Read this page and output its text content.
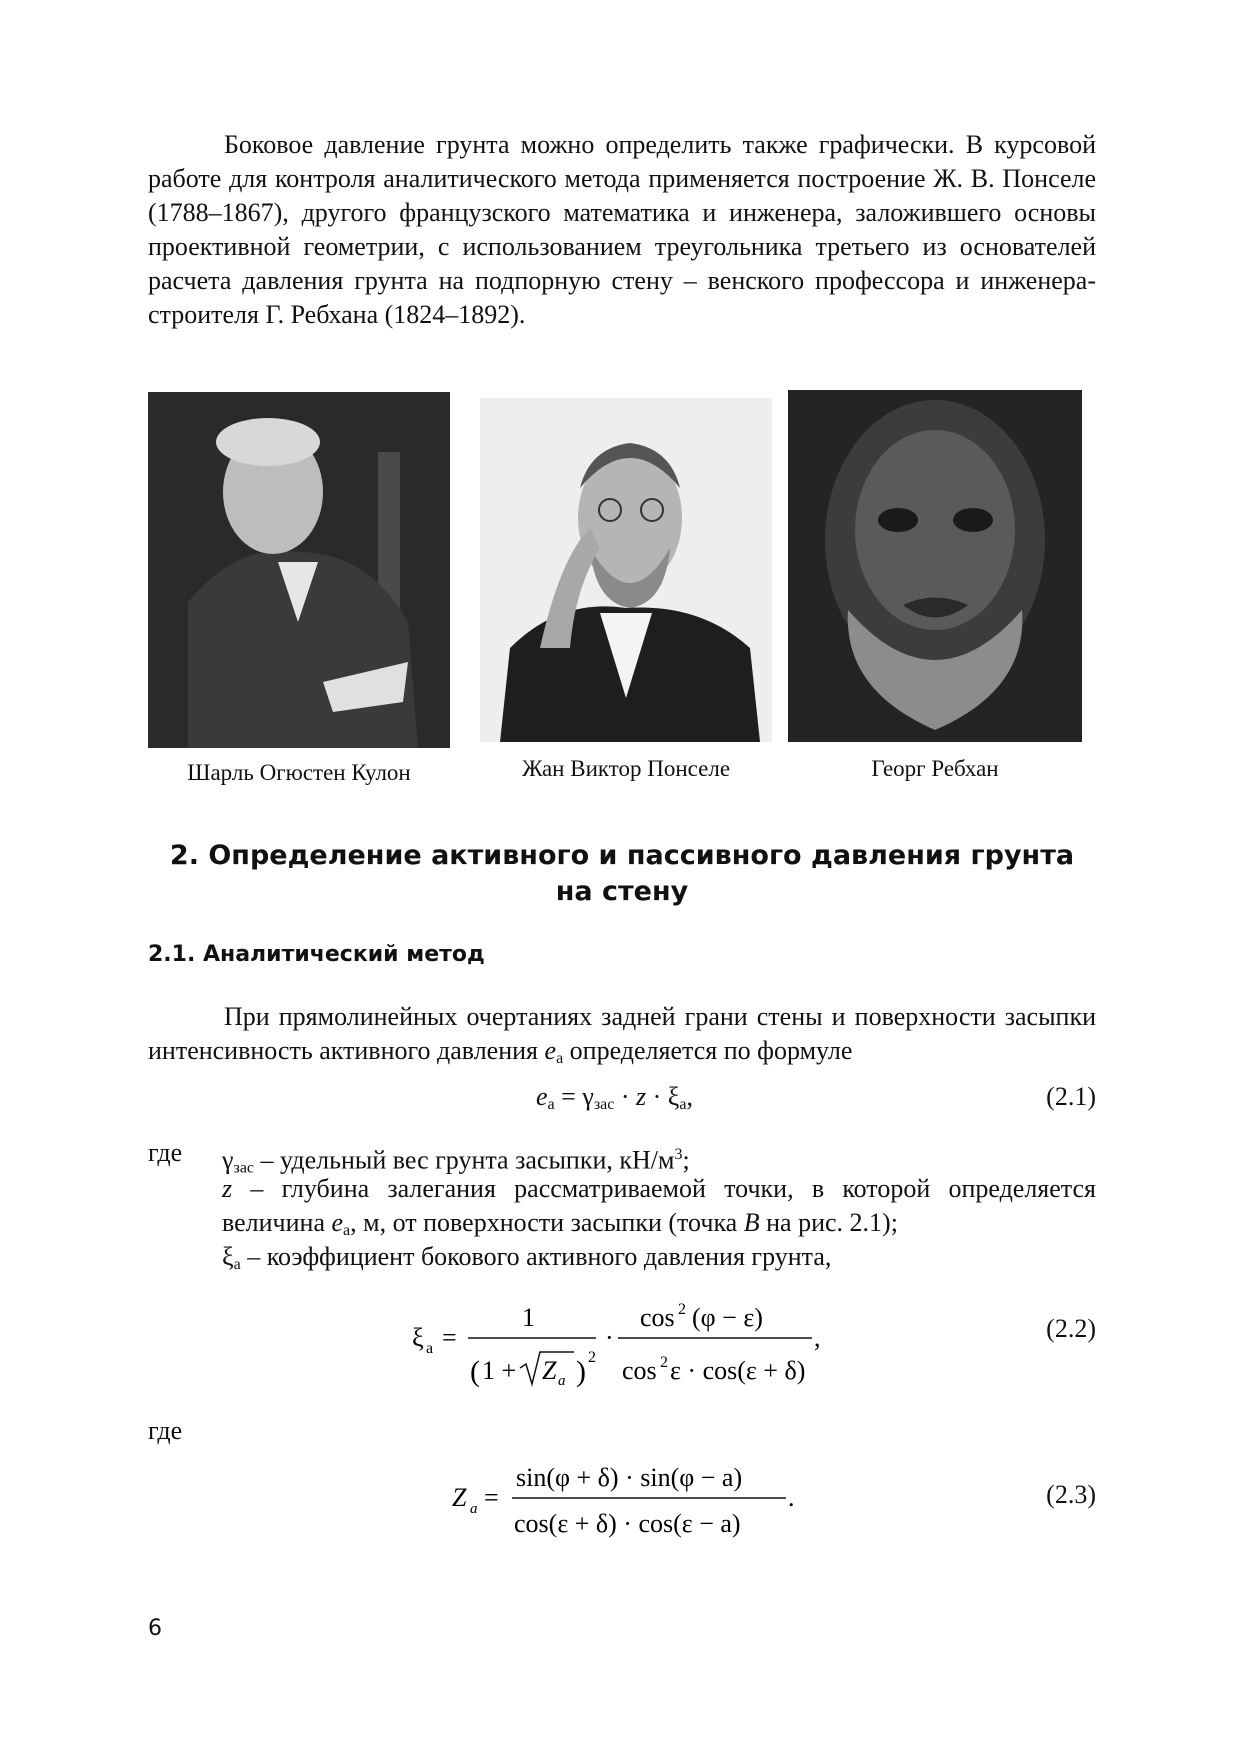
Боковое давление грунта можно определить также графически. В курсовой работе для контроля аналитического метода применяется построение Ж. В. Понселе (1788–1867), другого французского математика и инженера, заложившего основы проективной геометрии, с использованием треугольника третьего из основателей расчета давления грунта на подпорную стену – венского профессора и инженера-строителя Г. Ребхана (1824–1892).

Шарль Огюстен Кулон	Жан Виктор Понселе	Георг Ребхан
2. Определение активного и пассивного давления грунта
на стену
2.1. Аналитический метод

При прямолинейных очертаниях задней грани стены и поверхности засыпки интенсивность активного давления $e_а$ определяется по формуле

$e_а = \gamma_{зас} \cdot z \cdot \xi_а$,	(2.1)
где $\gamma_{зас}$ – удельный вес грунта засыпки, $кН/м^3$;

z – глубина залегания рассматриваемой точки, в которой определяется величина $e_a$, м, от поверхности засыпки (точка B на рис. 2.1);

$\xi_а$ – коэффициент бокового активного давления грунта,

ξ а =
1
( 1 + Z a ) 2
·
cos 2 (φ − ε)
cos 2 ε · cos(ε + δ)
,	(2.2)
где
Z a =
sin(φ + δ) · sin(φ − a)
cos(ε + δ) · cos(ε − a)
.	(2.3)
6
